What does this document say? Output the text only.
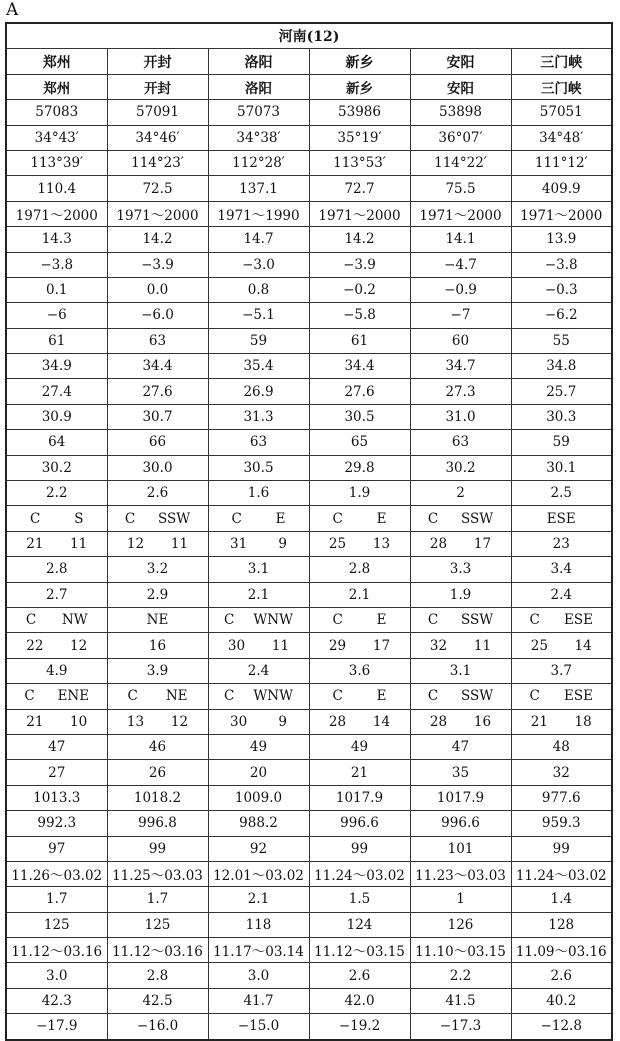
A
河南(12)					
郑州	开封	洛阳	新乡	安阳	三门峡
郑州	开封	洛阳	新乡	安阳	三门峡
57083	57091	57073	53986	53898	57051
34°43′	34°46′	34°38′	35°19′	36°07′	34°48′
113°39′	114°23′	112°28′	113°53′	114°22′	111°12′
110.4	72.5	137.1	72.7	75.5	409.9
1971～2000	1971～2000	1971～1990	1971～2000	1971～2000	1971～2000
14.3	14.2	14.7	14.2	14.1	13.9
−3.8	−3.9	−3.0	−3.9	−4.7	−3.8
0.1	0.0	0.8	−0.2	−0.9	−0.3
−6	−6.0	−5.1	−5.8	−7	−6.2
61	63	59	61	60	55
34.9	34.4	35.4	34.4	34.7	34.8
27.4	27.6	26.9	27.6	27.3	25.7
30.9	30.7	31.3	30.5	31.0	30.3
64	66	63	65	63	59
30.2	30.0	30.5	29.8	30.2	30.1
2.2	2.6	1.6	1.9	2	2.5

C S	C SSW	C E	C E	C SSW	ESE

21 11	12 11	31 9	25 13	28 17	23
2.8	3.2	3.1	2.8	3.3	3.4
2.7	2.9	2.1	2.1	1.9	2.4

C NW	NE	C WNW	C E	C SSW	C ESE

22 12	16	30 11	29 17	32 11	25 14

4.9	3.9	2.4	3.6	3.1	3.7

C ENE	C NE	C WNW	C E	C SSW	C ESE

21 10	13 12	30 9	28 14	28 16	21 18

47	46	49	49	47	48
27	26	20	21	35	32
1013.3	1018.2	1009.0	1017.9	1017.9	977.6
992.3	996.8	988.2	996.6	996.6	959.3
97	99	92	99	101	99
11.26～03.02	11.25～03.03	12.01～03.02	11.24～03.02	11.23～03.03	11.24～03.02
1.7	1.7	2.1	1.5	1	1.4
125	125	118	124	126	128
11.12～03.16	11.12～03.16	11.17～03.14	11.12～03.15	11.10～03.15	11.09～03.16
3.0	2.8	3.0	2.6	2.2	2.6
42.3	42.5	41.7	42.0	41.5	40.2
−17.9	−16.0	−15.0	−19.2	−17.3	−12.8
